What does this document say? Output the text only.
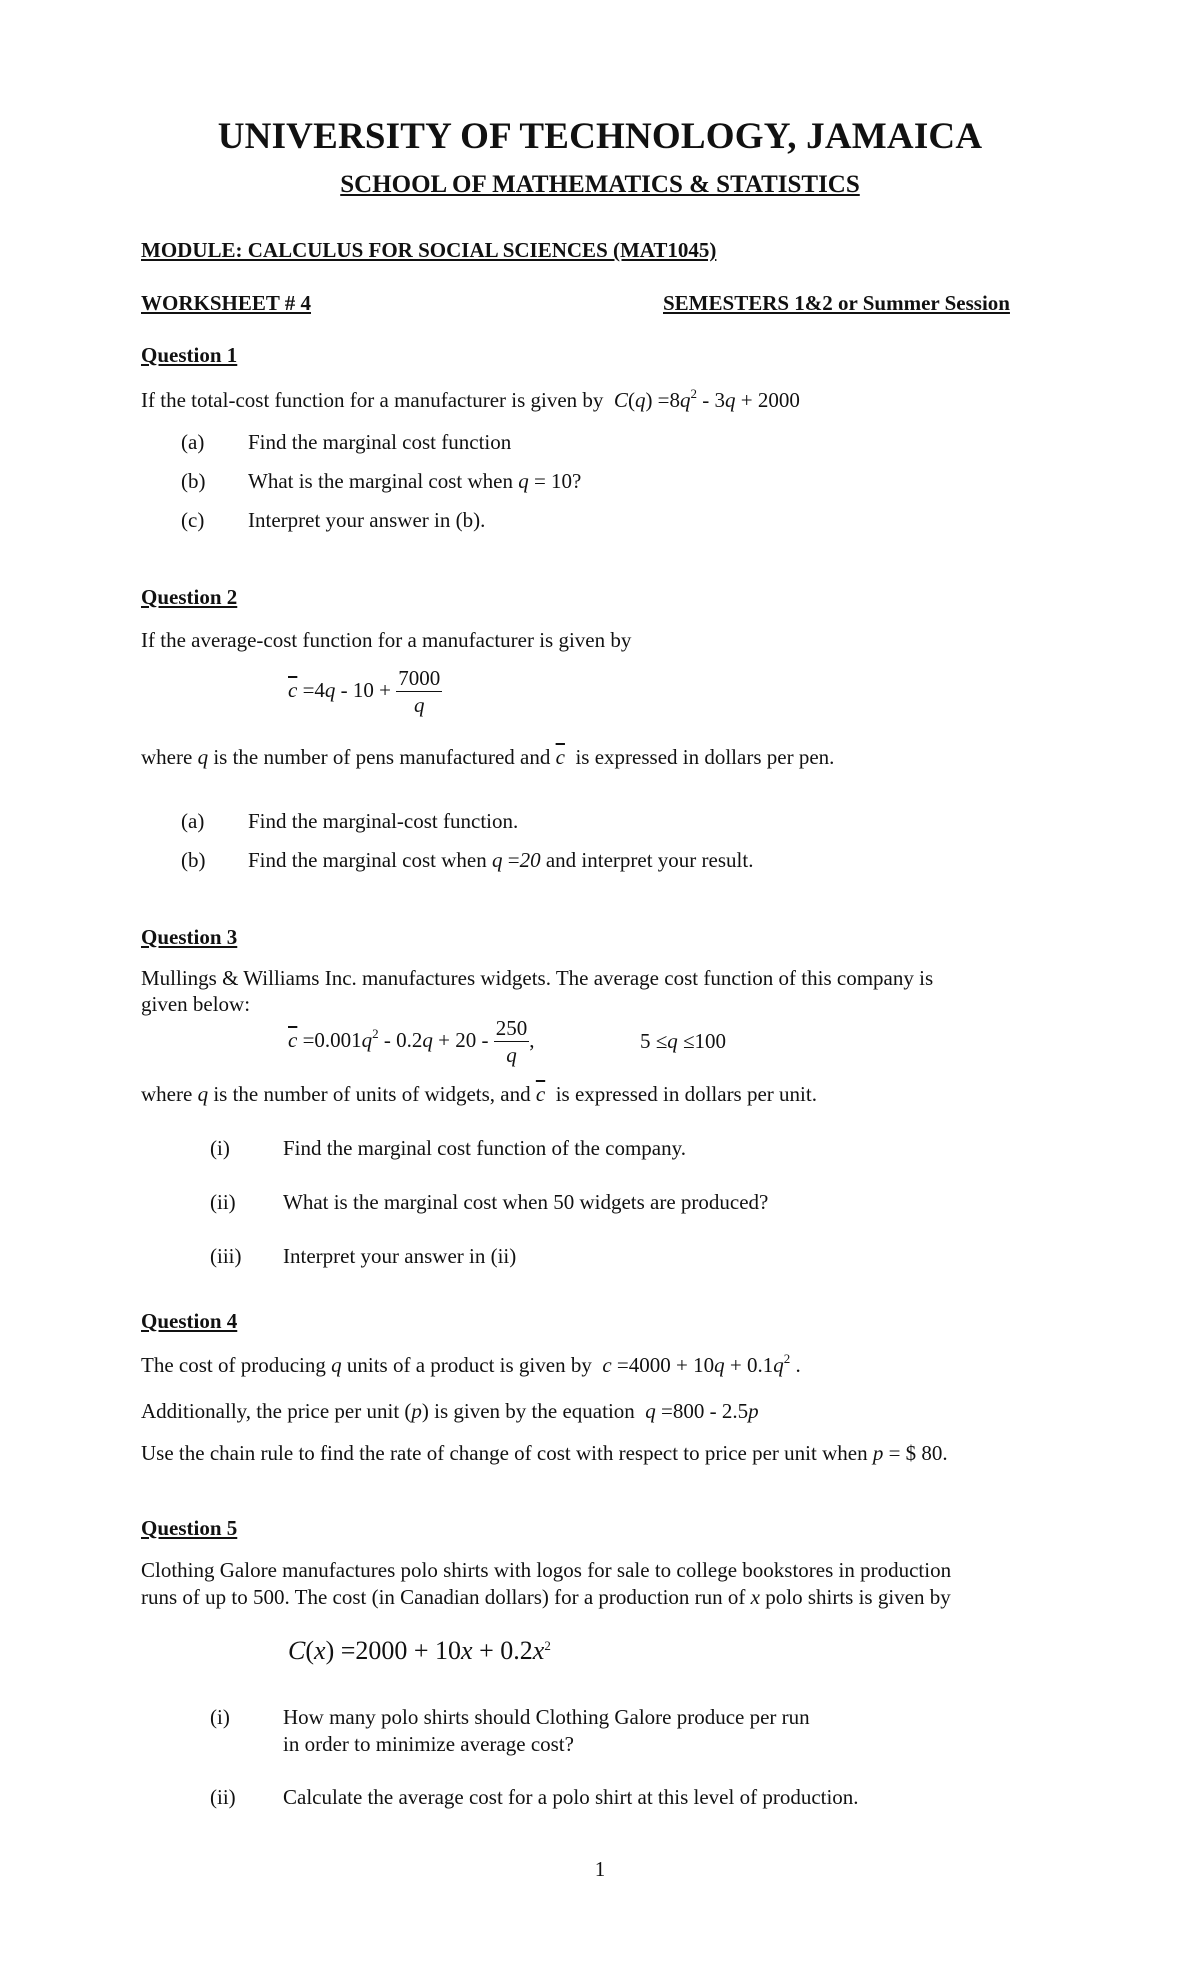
UNIVERSITY OF TECHNOLOGY, JAMAICA
SCHOOL OF MATHEMATICS & STATISTICS
MODULE: CALCULUS FOR SOCIAL SCIENCES (MAT1045)
WORKSHEET # 4	SEMESTERS 1&2 or Summer Session
Question 1
If the total-cost function for a manufacturer is given by $C(q) =8q^2 - 3q + 2000$
(a) Find the marginal cost function
(b) What is the marginal cost when q = 10?
(c) Interpret your answer in (b).
Question 2
If the average-cost function for a manufacturer is given by
$\overline{c} =4q - 10 + \frac{7000}{q}$
where q is the number of pens manufactured and $\overline{c}$ is expressed in dollars per pen.
(a) Find the marginal-cost function.
(b) Find the marginal cost when q =20 and interpret your result.
Question 3
Mullings & Williams Inc. manufactures widgets. The average cost function of this company is
given below:
$\overline{c} =0.001q^2 - 0.2q + 20 - \frac{250}{q}$ ,	5 ≤q ≤100
where q is the number of units of widgets, and $\overline{c}$ is expressed in dollars per unit.
(i)	Find the marginal cost function of the company.
(ii) What is the marginal cost when 50 widgets are produced?
(iii) Interpret your answer in (ii)
Question 4
The cost of producing q units of a product is given by $c =4000 + 10q + 0.1q^2$ .
Additionally, the price per unit (p) is given by the equation q =800 - 2.5p
Use the chain rule to find the rate of change of cost with respect to price per unit when p = $ 80.
Question 5
Clothing Galore manufactures polo shirts with logos for sale to college bookstores in production
runs of up to 500. The cost (in Canadian dollars) for a production run of x polo shirts is given by
$C(x) =2000 + 10x + 0.2x^2$
(i)	How many polo shirts should Clothing Galore produce per run
in order to minimize average cost?
(ii) Calculate the average cost for a polo shirt at this level of production.
1
